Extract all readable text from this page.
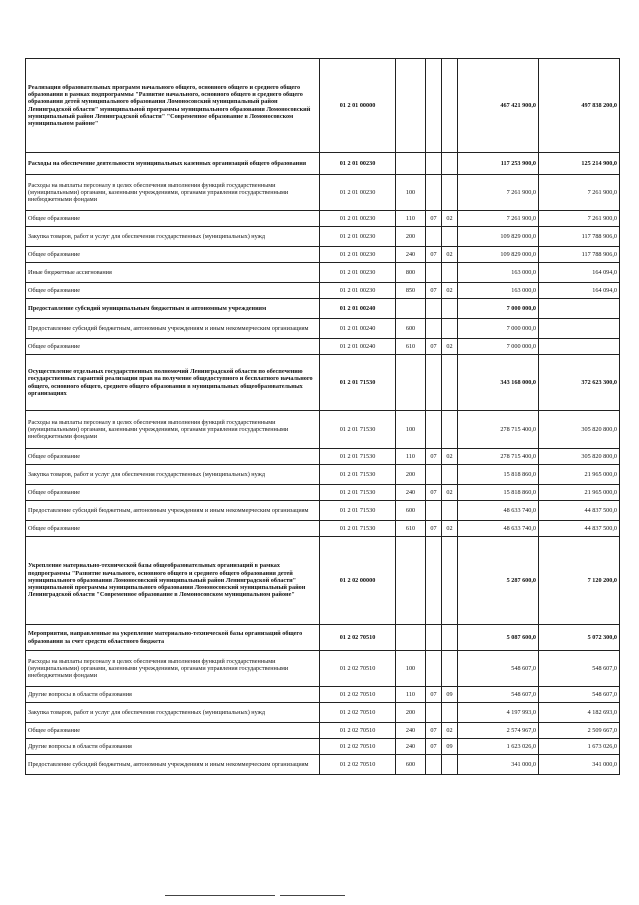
Реализация образовательных программ начального общего, основного общего и среднего общего образования в рамках подпрограммы "Развитие начального, основного общего и среднего общего образования детей муниципального образования Ломоносовский муниципальный район Ленинградской области" муниципальной программы муниципального образования Ломоносовский муниципальный район Ленинградской области" "Современное образование в Ломоносовском муниципальном районе"	01 2 01 00000				467 421 900,0	497 838 200,0
Расходы на обеспечение деятельности муниципальных казенных организаций общего образования	01 2 01 00230				117 253 900,0	125 214 900,0
Расходы на выплаты персоналу в целях обеспечения выполнения функций государственными (муниципальными) органами, казенными учреждениями, органами управления государственными внебюджетными фондами	01 2 01 00230	100			7 261 900,0	7 261 900,0
Общее образование	01 2 01 00230	110	07	02	7 261 900,0	7 261 900,0
Закупка товаров, работ и услуг для обеспечения государственных (муниципальных) нужд	01 2 01 00230	200			109 829 000,0	117 788 906,0
Общее образование	01 2 01 00230	240	07	02	109 829 000,0	117 788 906,0
Иные бюджетные ассигнования	01 2 01 00230	800			163 000,0	164 094,0
Общее образование	01 2 01 00230	850	07	02	163 000,0	164 094,0
Предоставление субсидий муниципальным бюджетным и автономным учреждениям	01 2 01 00240				7 000 000,0	
Предоставление субсидий бюджетным, автономным учреждениям и иным некоммерческим организациям	01 2 01 00240	600			7 000 000,0	
Общее образование	01 2 01 00240	610	07	02	7 000 000,0	
Осуществление отдельных государственных полномочий Ленинградской области по обеспечению государственных гарантий реализации прав на получение общедоступного и бесплатного начального общего, основного общего, среднего общего образования в муниципальных общеобразовательных организациях	01 2 01 71530				343 168 000,0	372 623 300,0
Расходы на выплаты персоналу в целях обеспечения выполнения функций государственными (муниципальными) органами, казенными учреждениями, органами управления государственными внебюджетными фондами	01 2 01 71530	100			278 715 400,0	305 820 800,0
Общее образование	01 2 01 71530	110	07	02	278 715 400,0	305 820 800,0
Закупка товаров, работ и услуг для обеспечения государственных (муниципальных) нужд	01 2 01 71530	200			15 818 860,0	21 965 000,0
Общее образование	01 2 01 71530	240	07	02	15 818 860,0	21 965 000,0
Предоставление субсидий бюджетным, автономным учреждениям и иным некоммерческим организациям	01 2 01 71530	600			48 633 740,0	44 837 500,0
Общее образование	01 2 01 71530	610	07	02	48 633 740,0	44 837 500,0
Укрепление материально-технической базы общеобразовательных организаций в рамках подпрограммы "Развитие начального, основного общего и среднего общего образования детей муниципального образования Ломоносовский муниципальный район Ленинградской области" муниципальной программы муниципального образования Ломоносовский муниципальный район Ленинградской области "Современное образование в Ломоносовском муниципальном районе"	01 2 02 00000				5 287 600,0	7 120 200,0
Мероприятия, направленные на укрепление материально-технической базы организаций общего образования за счет средств областного бюджета	01 2 02 70510				5 087 600,0	5 072 300,0
Расходы на выплаты персоналу в целях обеспечения выполнения функций государственными (муниципальными) органами, казенными учреждениями, органами управления государственными внебюджетными фондами	01 2 02 70510	100			548 607,0	548 607,0
Другие вопросы в области образования	01 2 02 70510	110	07	09	548 607,0	548 607,0
Закупка товаров, работ и услуг для обеспечения государственных (муниципальных) нужд	01 2 02 70510	200			4 197 993,0	4 182 693,0
Общее образование	01 2 02 70510	240	07	02	2 574 967,0	2 509 667,0
Другие вопросы в области образования	01 2 02 70510	240	07	09	1 623 026,0	1 673 026,0
Предоставление субсидий бюджетным, автономным учреждениям и иным некоммерческим организациям	01 2 02 70510	600			341 000,0	341 000,0
